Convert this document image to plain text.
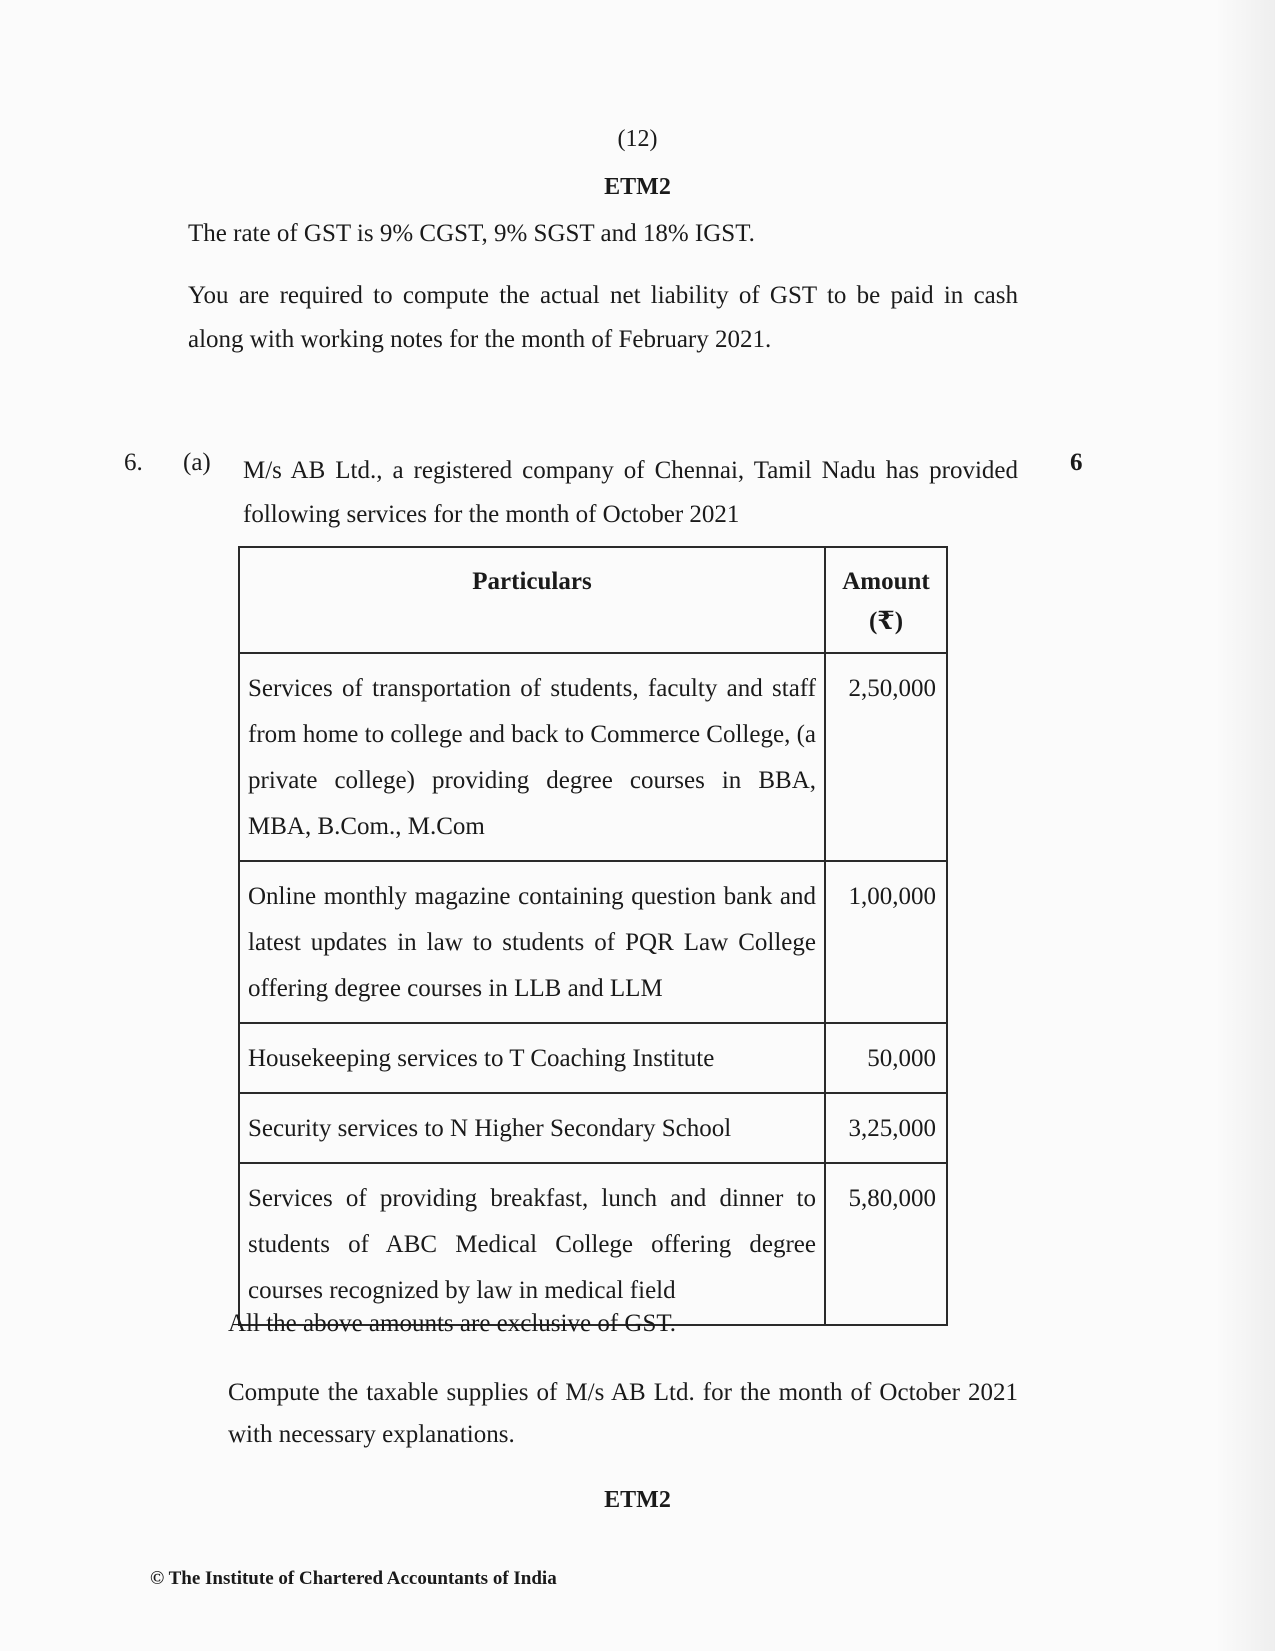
(12)
ETM2
The rate of GST is 9% CGST, 9% SGST and 18% IGST.
You are required to compute the actual net liability of GST to be paid in cash along with working notes for the month of February 2021.
6. (a) M/s AB Ltd., a registered company of Chennai, Tamil Nadu has provided following services for the month of October 2021
6
Particulars	Amount (₹)
Services of transportation of students, faculty and staff from home to college and back to Commerce College, (a private college) providing degree courses in BBA, MBA, B.Com., M.Com	2,50,000
Online monthly magazine containing question bank and latest updates in law to students of PQR Law College offering degree courses in LLB and LLM	1,00,000
Housekeeping services to T Coaching Institute	50,000
Security services to N Higher Secondary School	3,25,000
Services of providing breakfast, lunch and dinner to students of ABC Medical College offering degree courses recognized by law in medical field	5,80,000
All the above amounts are exclusive of GST.
Compute the taxable supplies of M/s AB Ltd. for the month of October 2021 with necessary explanations.
ETM2
© The Institute of Chartered Accountants of India
